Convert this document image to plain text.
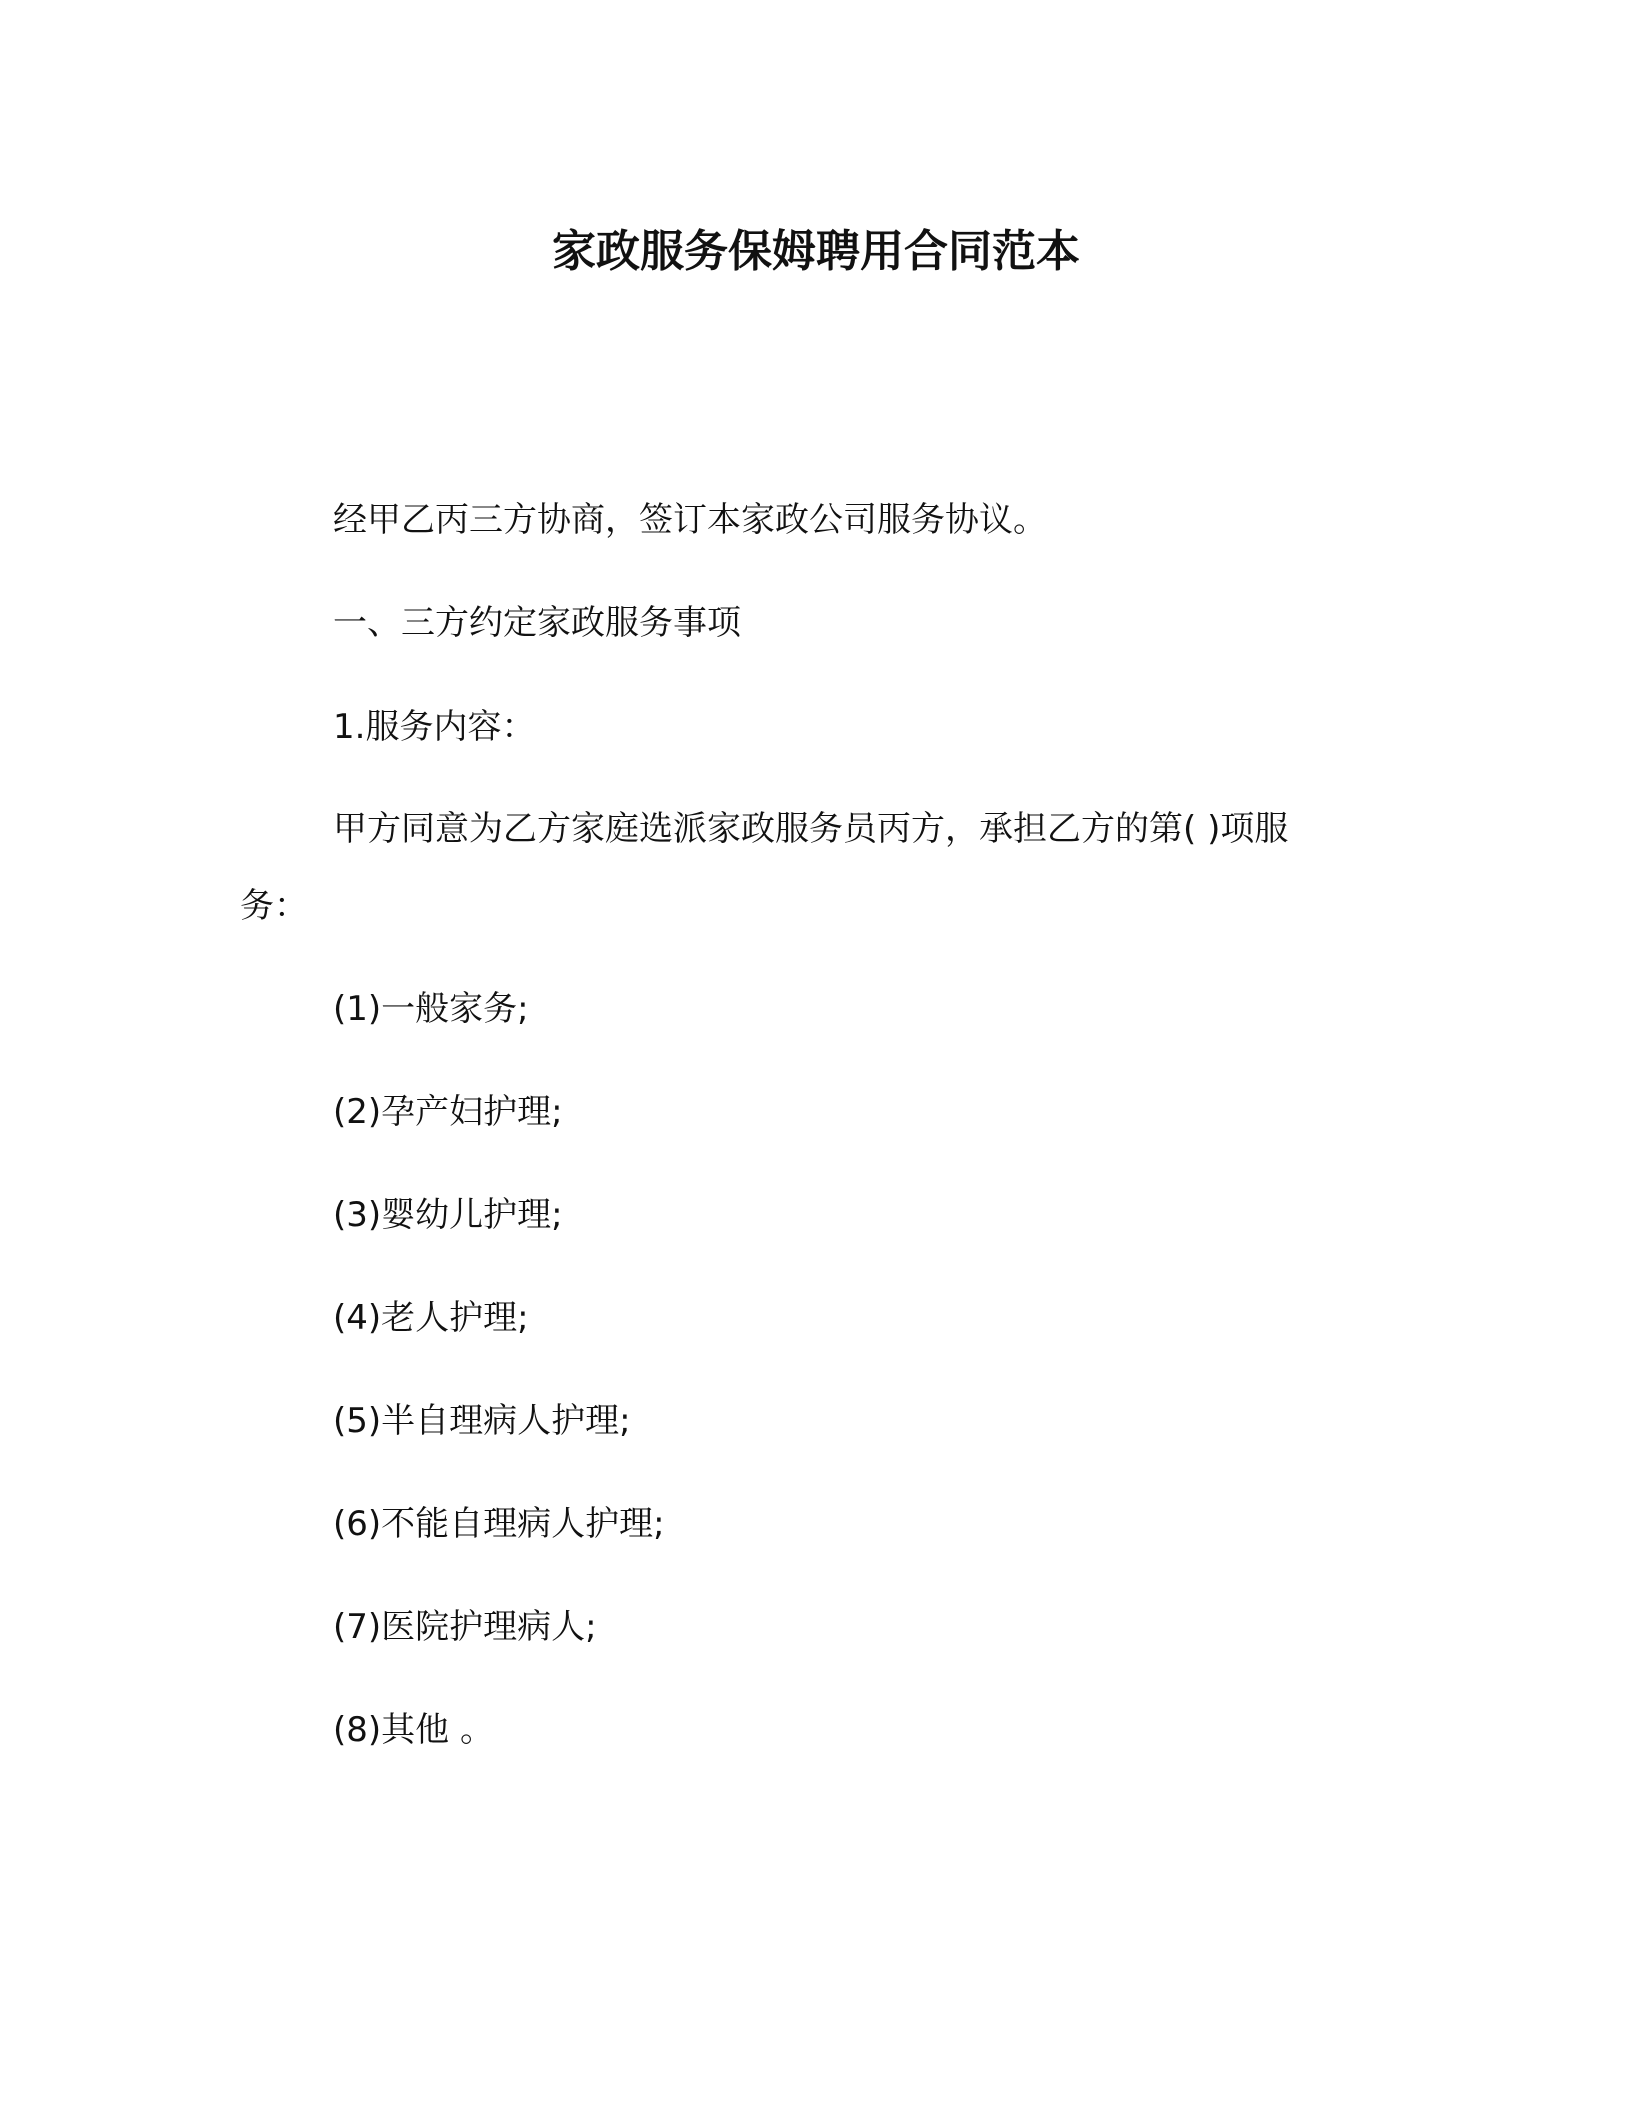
家政服务保姆聘用合同范本
经甲乙丙三方协商，签订本家政公司服务协议。
一、三方约定家政服务事项
1.服务内容：
甲方同意为乙方家庭选派家政服务员丙方，承担乙方的第( )项服
务：
(1)一般家务;
(2)孕产妇护理;
(3)婴幼儿护理;
(4)老人护理;
(5)半自理病人护理;
(6)不能自理病人护理;
(7)医院护理病人;
(8)其他 。
